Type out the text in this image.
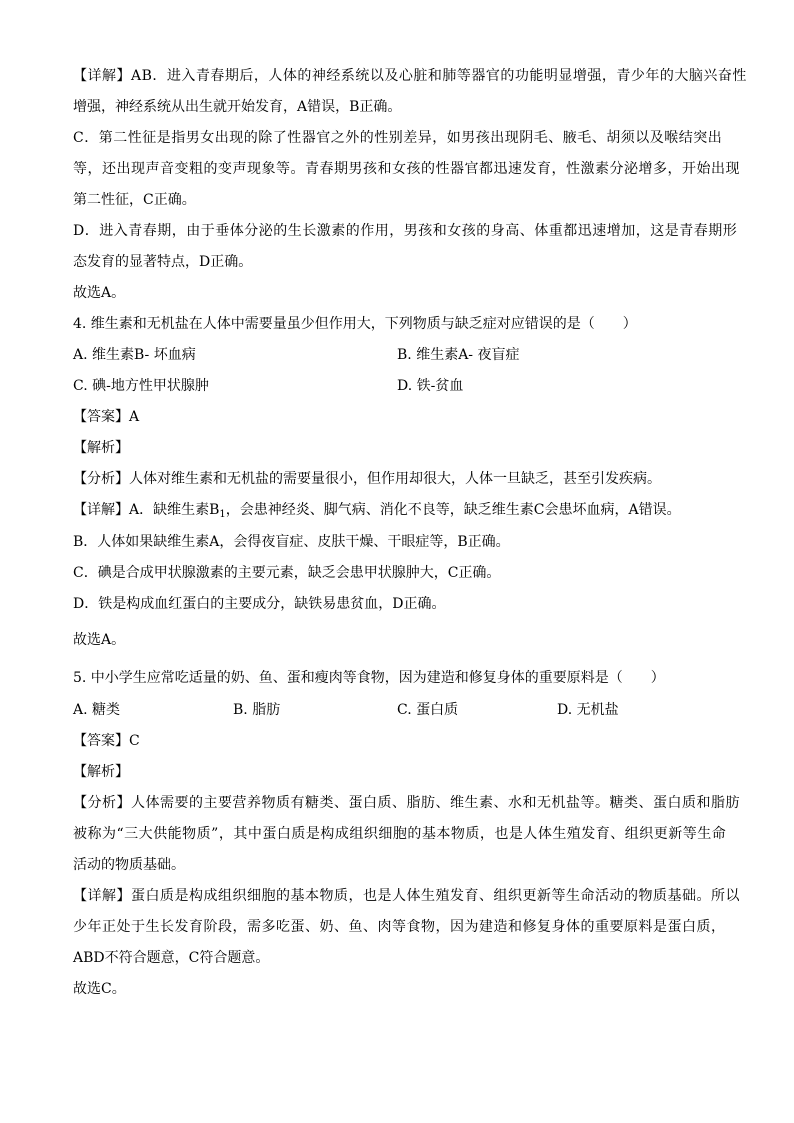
【详解】AB．进入青春期后，人体的神经系统以及心脏和肺等器官的功能明显增强，青少年的大脑兴奋性
增强，神经系统从出生就开始发育，A错误，B正确。
C．第二性征是指男女出现的除了性器官之外的性别差异，如男孩出现阴毛、腋毛、胡须以及喉结突出
等，还出现声音变粗的变声现象等。青春期男孩和女孩的性器官都迅速发育，性激素分泌增多，开始出现
第二性征，C正确。
D．进入青春期，由于垂体分泌的生长激素的作用，男孩和女孩的身高、体重都迅速增加，这是青春期形
态发育的显著特点，D正确。
故选A。
4. 维生素和无机盐在人体中需要量虽少但作用大，下列物质与缺乏症对应错误的是（　　）
A. 维生素B- 坏血病	B. 维生素A- 夜盲症
C. 碘-地方性甲状腺肿	D. 铁-贫血
【答案】A
【解析】
【分析】人体对维生素和无机盐的需要量很小，但作用却很大，人体一旦缺乏，甚至引发疾病。
【详解】A．缺维生素$B_1$，会患神经炎、脚气病、消化不良等，缺乏维生素C会患坏血病，A错误。
B．人体如果缺维生素A，会得夜盲症、皮肤干燥、干眼症等，B正确。
C．碘是合成甲状腺激素的主要元素，缺乏会患甲状腺肿大，C正确。
D．铁是构成血红蛋白的主要成分，缺铁易患贫血，D正确。
故选A。
5. 中小学生应常吃适量的奶、鱼、蛋和瘦肉等食物，因为建造和修复身体的重要原料是（　　）
A. 糖类	B. 脂肪	C. 蛋白质	D. 无机盐
【答案】C
【解析】
【分析】人体需要的主要营养物质有糖类、蛋白质、脂肪、维生素、水和无机盐等。糖类、蛋白质和脂肪
被称为“三大供能物质”，其中蛋白质是构成组织细胞的基本物质，也是人体生殖发育、组织更新等生命
活动的物质基础。
【详解】蛋白质是构成组织细胞的基本物质，也是人体生殖发育、组织更新等生命活动的物质基础。所以
少年正处于生长发育阶段，需多吃蛋、奶、鱼、肉等食物，因为建造和修复身体的重要原料是蛋白质，
ABD不符合题意，C符合题意。
故选C。
